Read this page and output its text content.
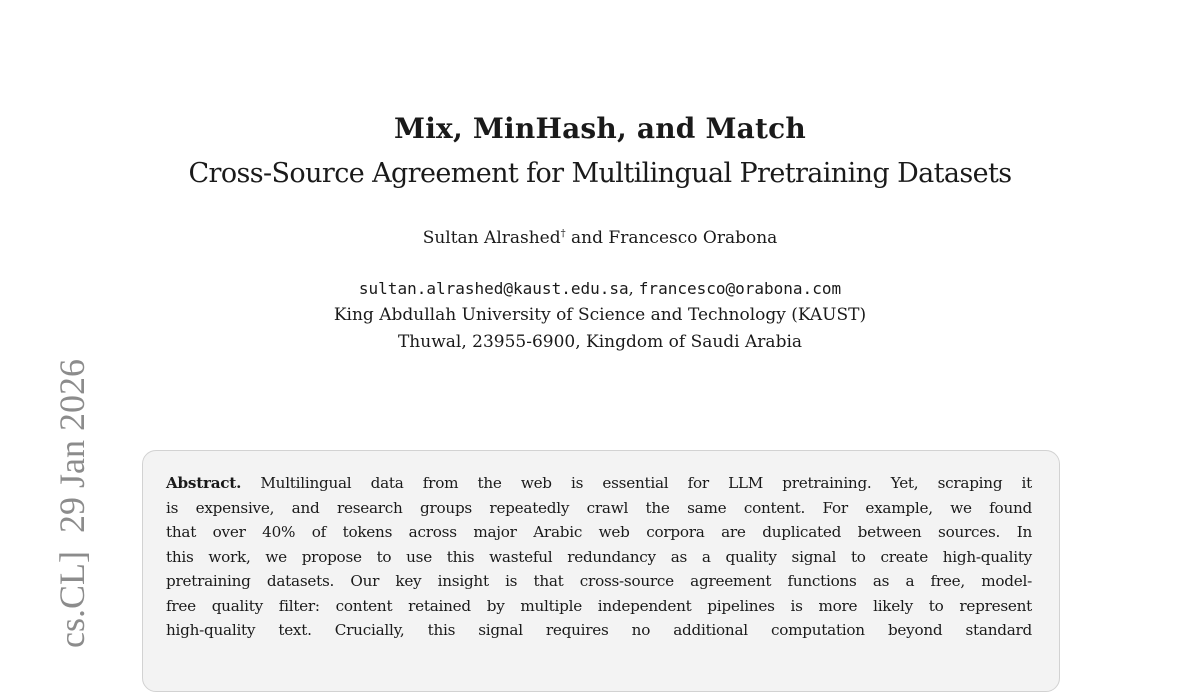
cs.CL]  29 Jan 2026
Mix, MinHash, and Match
Cross-Source Agreement for Multilingual Pretraining Datasets
Sultan Alrashed† and Francesco Orabona
sultan.alrashed@kaust.edu.sa, francesco@orabona.com
King Abdullah University of Science and Technology (KAUST)
Thuwal, 23955-6900, Kingdom of Saudi Arabia
Abstract. Multilingual data from the web is essential for LLM pretraining. Yet, scraping it
is expensive, and research groups repeatedly crawl the same content. For example, we found
that over 40% of tokens across major Arabic web corpora are duplicated between sources. In
this work, we propose to use this wasteful redundancy as a quality signal to create high-quality
pretraining datasets. Our key insight is that cross-source agreement functions as a free, model-
free quality filter: content retained by multiple independent pipelines is more likely to represent
high-quality text. Crucially, this signal requires no additional computation beyond standard
